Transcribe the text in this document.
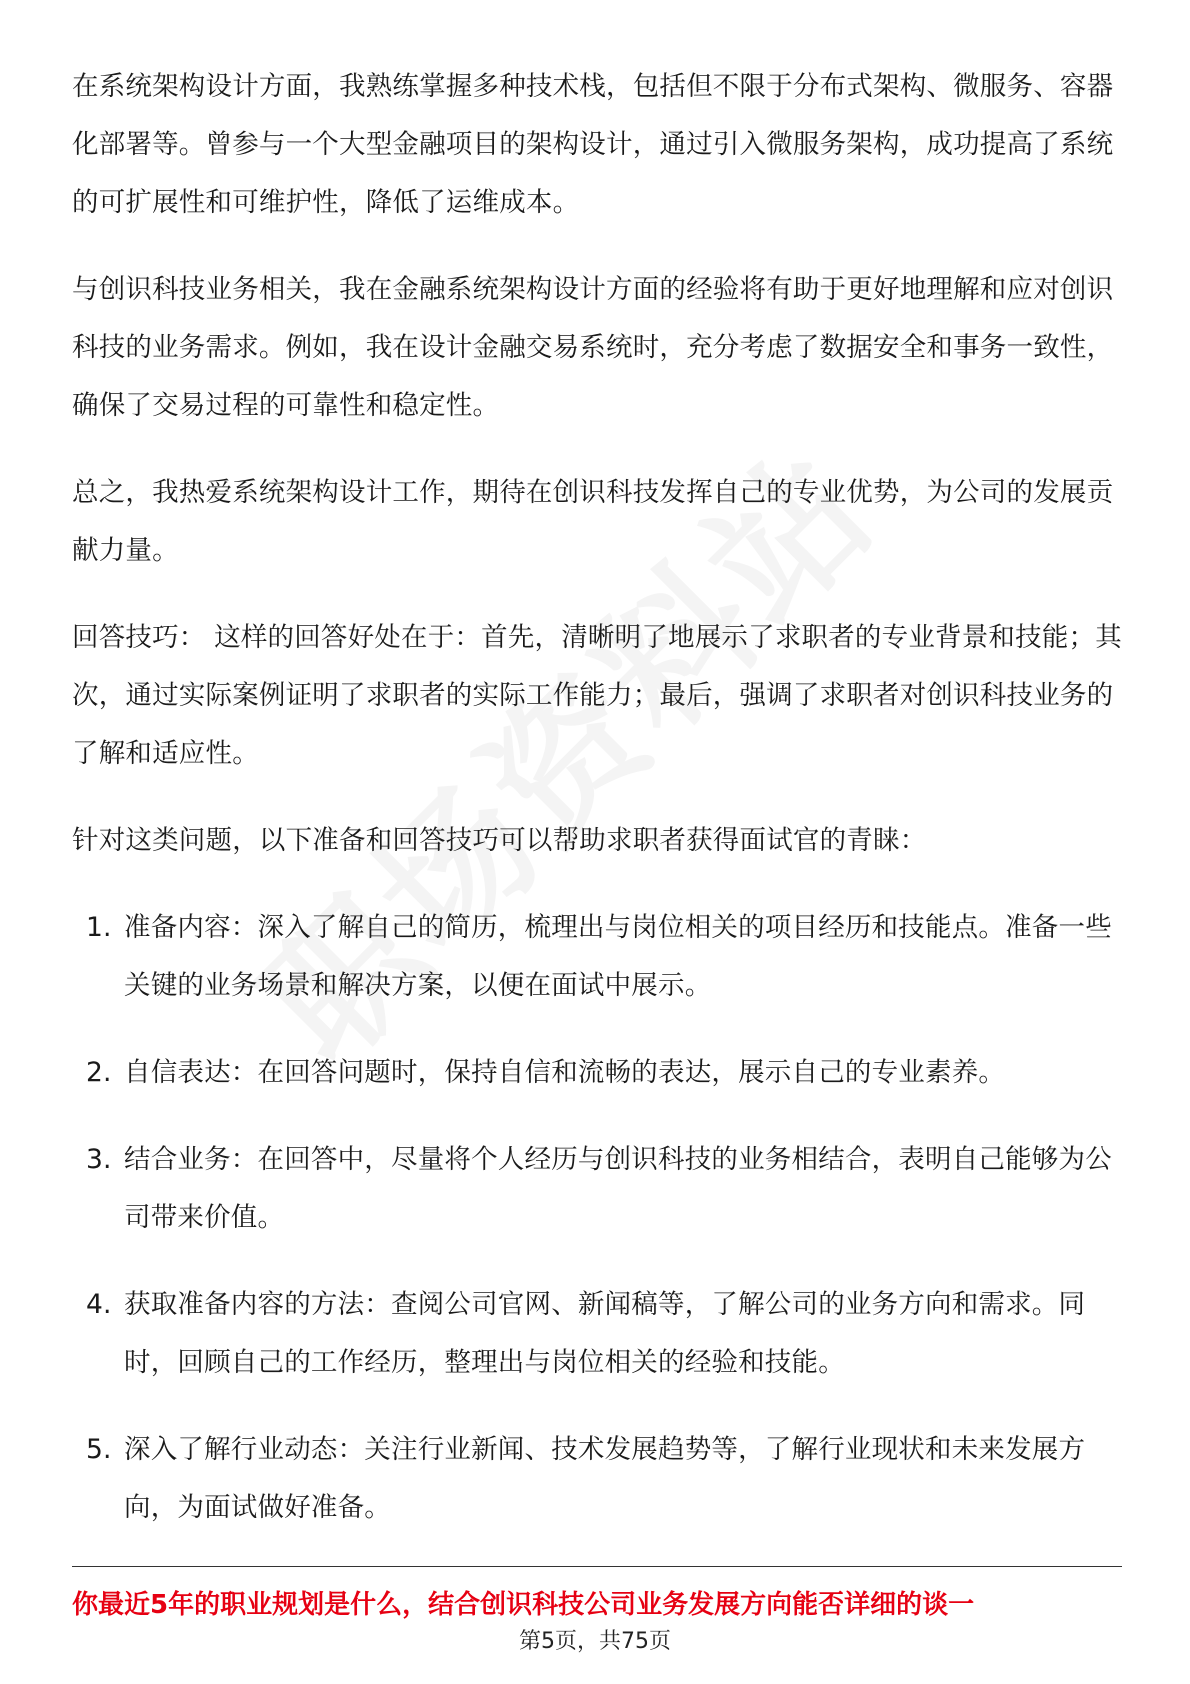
在系统架构设计方面，我熟练掌握多种技术栈，包括但不限于分布式架构、微服务、容器化部署等。曾参与一个大型金融项目的架构设计，通过引入微服务架构，成功提高了系统的可扩展性和可维护性，降低了运维成本。

与创识科技业务相关，我在金融系统架构设计方面的经验将有助于更好地理解和应对创识科技的业务需求。例如，我在设计金融交易系统时，充分考虑了数据安全和事务一致性，确保了交易过程的可靠性和稳定性。

总之，我热爱系统架构设计工作，期待在创识科技发挥自己的专业优势，为公司的发展贡献力量。

回答技巧： 这样的回答好处在于：首先，清晰明了地展示了求职者的专业背景和技能；其次，通过实际案例证明了求职者的实际工作能力；最后，强调了求职者对创识科技业务的了解和适应性。

针对这类问题，以下准备和回答技巧可以帮助求职者获得面试官的青睐：

1. 准备内容：深入了解自己的简历，梳理出与岗位相关的项目经历和技能点。准备一些关键的业务场景和解决方案，以便在面试中展示。
2. 自信表达：在回答问题时，保持自信和流畅的表达，展示自己的专业素养。
3. 结合业务：在回答中，尽量将个人经历与创识科技的业务相结合，表明自己能够为公司带来价值。
4. 获取准备内容的方法：查阅公司官网、新闻稿等，了解公司的业务方向和需求。同时，回顾自己的工作经历，整理出与岗位相关的经验和技能。
5. 深入了解行业动态：关注行业新闻、技术发展趋势等，了解行业现状和未来发展方向，为面试做好准备。
你最近5年的职业规划是什么，结合创识科技公司业务发展方向能否详细的谈一
第5页，共75页
